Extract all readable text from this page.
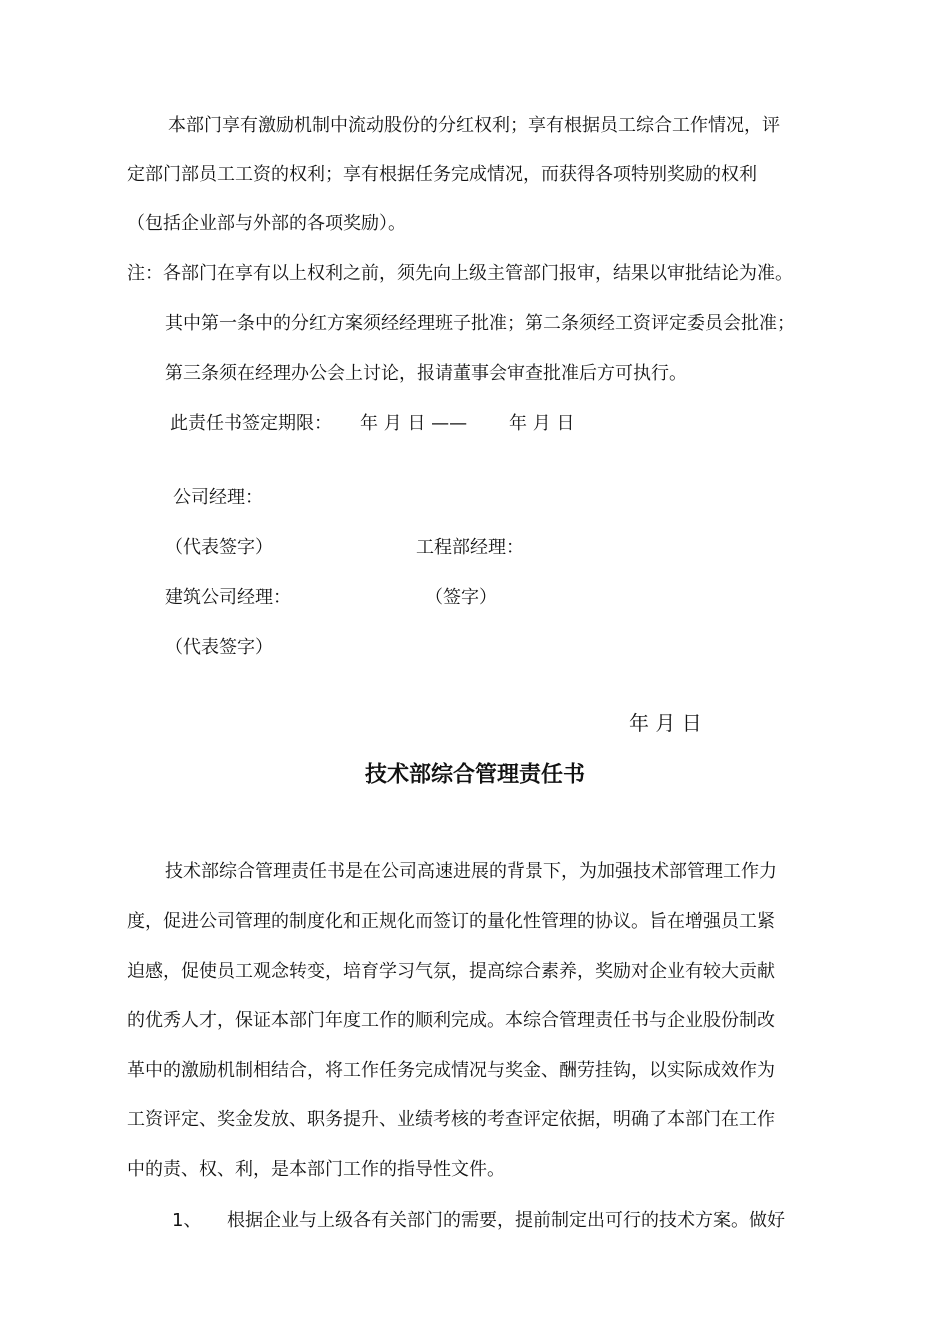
本部门享有激励机制中流动股份的分红权利；享有根据员工综合工作情况，评
定部门部员工工资的权利；享有根据任务完成情况，而获得各项特别奖励的权利
（包括企业部与外部的各项奖励）。
注：各部门在享有以上权利之前，须先向上级主管部门报审，结果以审批结论为准。
其中第一条中的分红方案须经经理班子批准；第二条须经工资评定委员会批准；
第三条须在经理办公会上讨论，报请董事会审查批准后方可执行。
此责任书签定期限： 年 月 日 —— 年 月 日
公司经理：
（代表签字）	工程部经理：
建筑公司经理：	（签字）
（代表签字）
年 月 日
技术部综合管理责任书
技术部综合管理责任书是在公司高速进展的背景下，为加强技术部管理工作力
度，促进公司管理的制度化和正规化而签订的量化性管理的协议。旨在增强员工紧
迫感，促使员工观念转变，培育学习气氛，提高综合素养，奖励对企业有较大贡献
的优秀人才，保证本部门年度工作的顺利完成。本综合管理责任书与企业股份制改
革中的激励机制相结合，将工作任务完成情况与奖金、酬劳挂钩，以实际成效作为
工资评定、奖金发放、职务提升、业绩考核的考查评定依据，明确了本部门在工作
中的责、权、利，是本部门工作的指导性文件。
1、 根据企业与上级各有关部门的需要，提前制定出可行的技术方案。做好
